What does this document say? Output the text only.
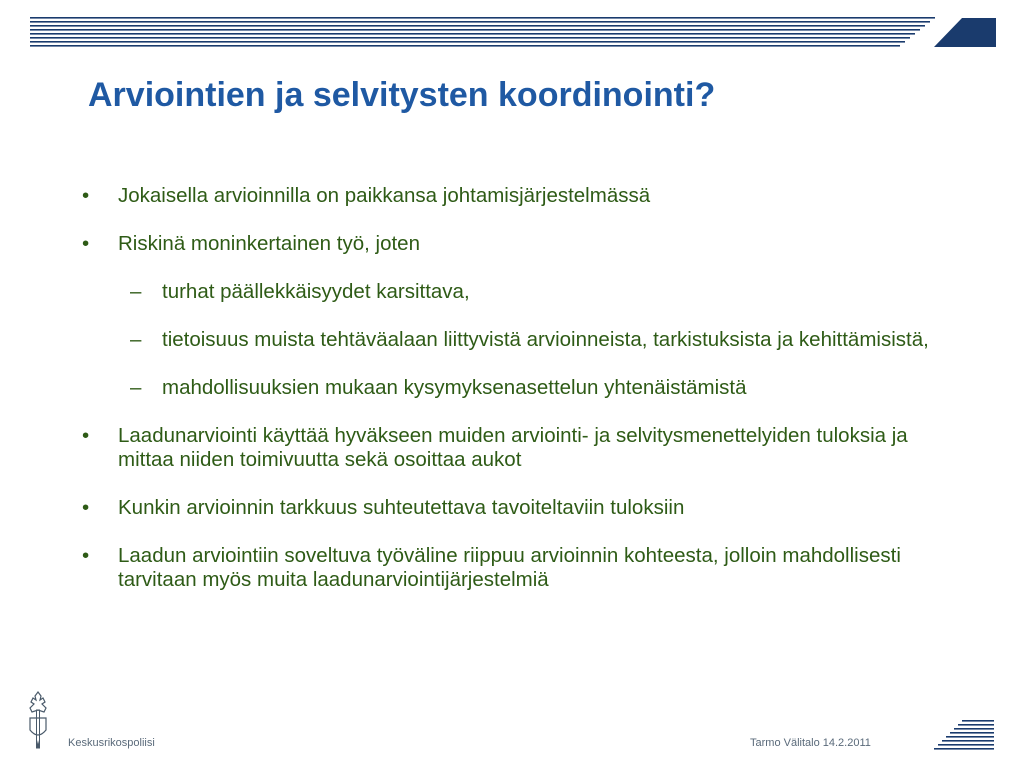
Arviointien ja selvitysten koordinointi?
• Jokaisella arvioinnilla on paikkansa johtamisjärjestelmässä
• Riskinä moninkertainen työ, joten
– turhat päällekkäisyydet karsittava,
– tietoisuus muista tehtäväalaan liittyvistä arvioinneista, tarkistuksista ja kehittämisistä,
– mahdollisuuksien mukaan kysymyksenasettelun yhtenäistämistä
• Laadunarviointi käyttää hyväkseen muiden arviointi- ja selvitysmenettelyiden tuloksia ja mittaa niiden toimivuutta sekä osoittaa aukot
• Kunkin arvioinnin tarkkuus suhteutettava tavoiteltaviin tuloksiin
• Laadun arviointiin soveltuva työväline riippuu arvioinnin kohteesta, jolloin mahdollisesti tarvitaan myös muita laadunarviointijärjestelmiä
Keskusrikospoliisi	Tarmo Välitalo 14.2.2011
